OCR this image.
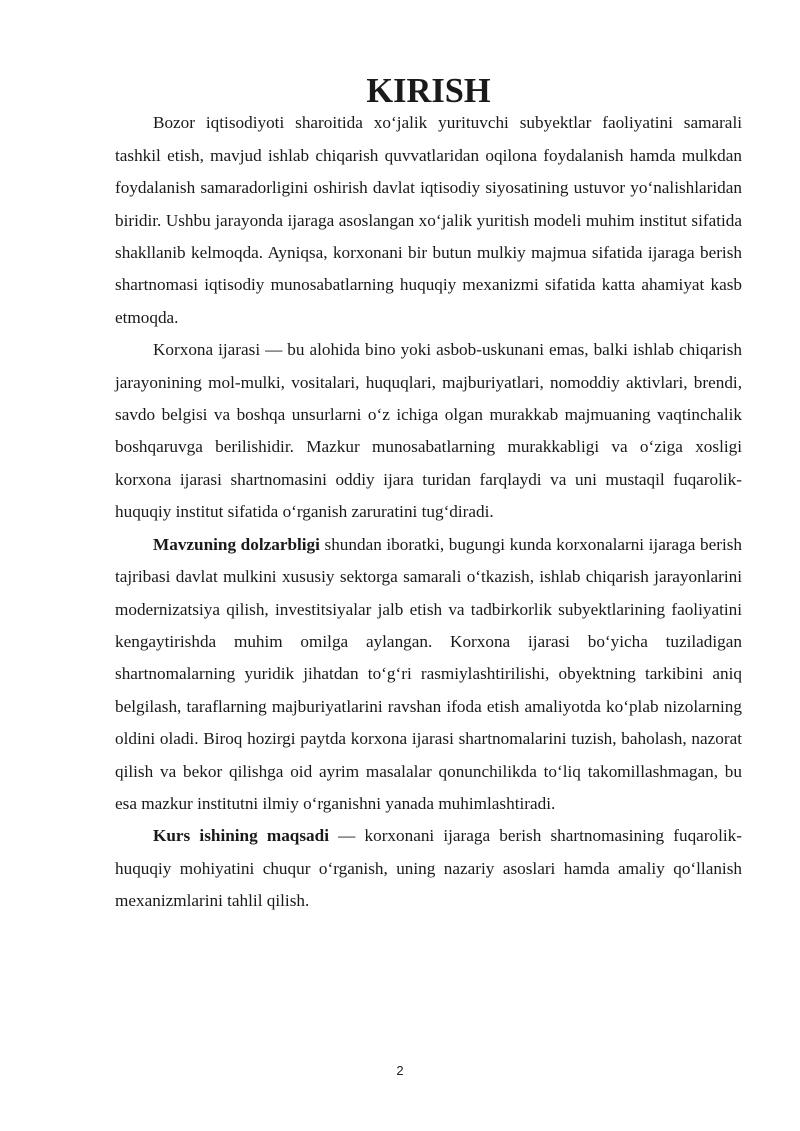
KIRISH

Bozor iqtisodiyoti sharoitida xo‘jalik yurituvchi subyektlar faoliyatini samarali tashkil etish, mavjud ishlab chiqarish quvvatlaridan oqilona foydalanish hamda mulkdan foydalanish samaradorligini oshirish davlat iqtisodiy siyosatining ustuvor yo‘nalishlaridan biridir. Ushbu jarayonda ijaraga asoslangan xo‘jalik yuritish modeli muhim institut sifatida shakllanib kelmoqda. Ayniqsa, korxonani bir butun mulkiy majmua sifatida ijaraga berish shartnomasi iqtisodiy munosabatlarning huquqiy mexanizmi sifatida katta ahamiyat kasb etmoqda.

Korxona ijarasi — bu alohida bino yoki asbob-uskunani emas, balki ishlab chiqarish jarayonining mol-mulki, vositalari, huquqlari, majburiyatlari, nomoddiy aktivlari, brendi, savdo belgisi va boshqa unsurlarni o‘z ichiga olgan murakkab majmuaning vaqtinchalik boshqaruvga berilishidir. Mazkur munosabatlarning murakkabligi va o‘ziga xosligi korxona ijarasi shartnomasini oddiy ijara turidan farqlaydi va uni mustaqil fuqarolik-huquqiy institut sifatida o‘rganish zaruratini tug‘diradi.

Mavzuning dolzarbligi shundan iboratki, bugungi kunda korxonalarni ijaraga berish tajribasi davlat mulkini xususiy sektorga samarali o‘tkazish, ishlab chiqarish jarayonlarini modernizatsiya qilish, investitsiyalar jalb etish va tadbirkorlik subyektlarining faoliyatini kengaytirishda muhim omilga aylangan. Korxona ijarasi bo‘yicha tuziladigan shartnomalarning yuridik jihatdan to‘g‘ri rasmiylashtirilishi, obyektning tarkibini aniq belgilash, taraflarning majburiyatlarini ravshan ifoda etish amaliyotda ko‘plab nizolarning oldini oladi. Biroq hozirgi paytda korxona ijarasi shartnomalarini tuzish, baholash, nazorat qilish va bekor qilishga oid ayrim masalalar qonunchilikda to‘liq takomillashmagan, bu esa mazkur institutni ilmiy o‘rganishni yanada muhimlashtiradi.

Kurs ishining maqsadi — korxonani ijaraga berish shartnomasining fuqarolik-huquqiy mohiyatini chuqur o‘rganish, uning nazariy asoslari hamda amaliy qo‘llanish mexanizmlarini tahlil qilish.

2
